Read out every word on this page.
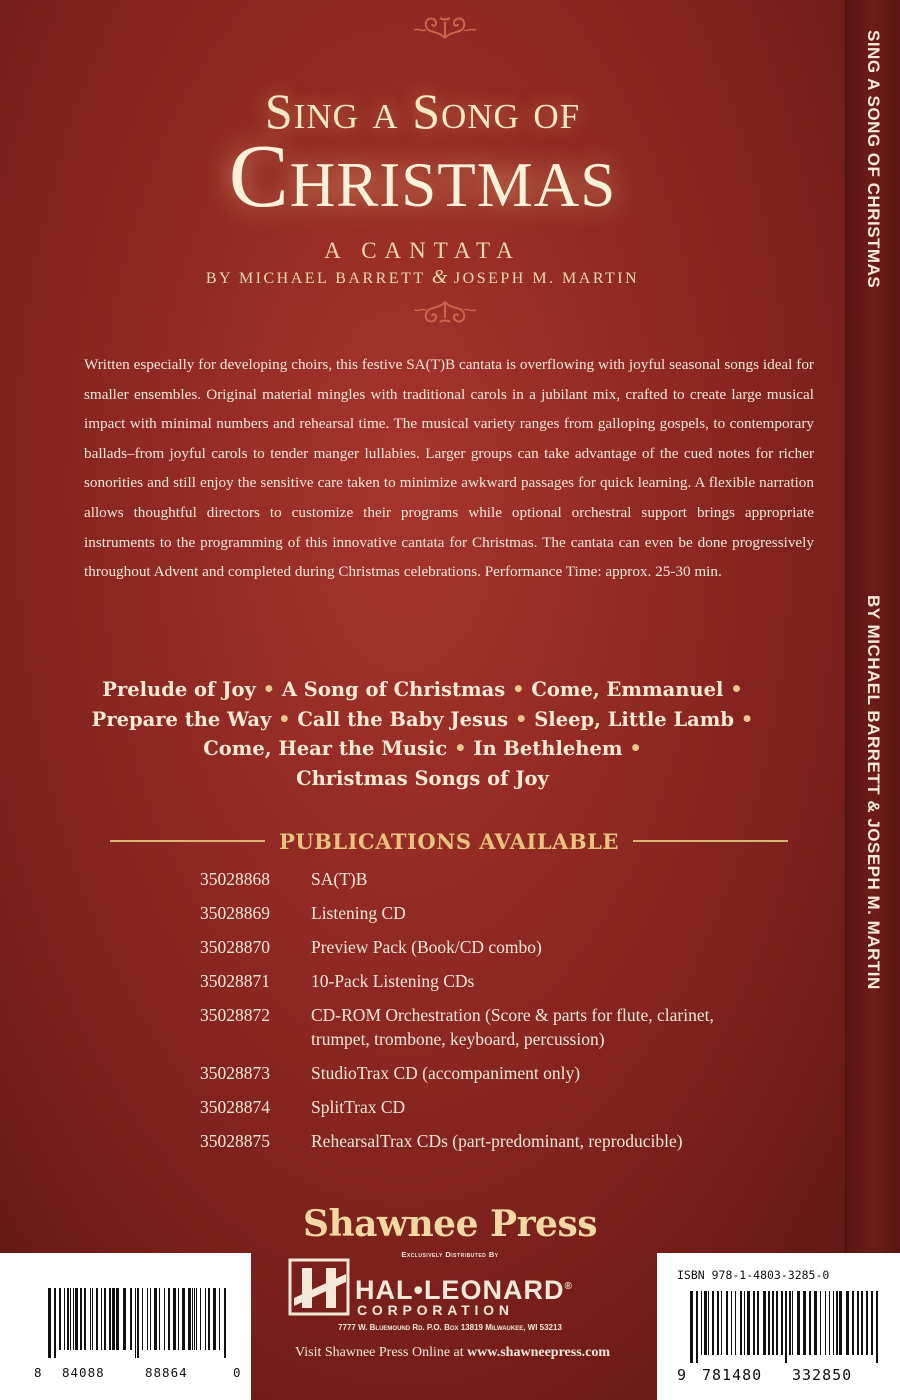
SING A SONG OF CHRISTMAS
BY MICHAEL BARRETT & JOSEPH M. MARTIN
Sing a Song of
Christmas
A CANTATA
BY MICHAEL BARRETT & JOSEPH M. MARTIN
Written especially for developing choirs, this festive SA(T)B cantata is overflowing with joyful seasonal songs ideal for smaller ensembles. Original material mingles with traditional carols in a jubilant mix, crafted to create large musical impact with minimal numbers and rehearsal time. The musical variety ranges from galloping gospels, to contemporary ballads–from joyful carols to tender manger lullabies. Larger groups can take advantage of the cued notes for richer sonorities and still enjoy the sensitive care taken to minimize awkward passages for quick learning. A flexible narration allows thoughtful directors to customize their programs while optional orchestral support brings appropriate instruments to the programming of this innovative cantata for Christmas. The cantata can even be done progressively throughout Advent and completed during Christmas celebrations. Performance Time: approx. 25-30 min.
Prelude of Joy • A Song of Christmas • Come, Emmanuel •
Prepare the Way • Call the Baby Jesus • Sleep, Little Lamb •
Come, Hear the Music • In Bethlehem •
Christmas Songs of Joy
PUBLICATIONS AVAILABLE
35028868	SA(T)B
35028869	Listening CD
35028870	Preview Pack (Book/CD combo)
35028871	10-Pack Listening CDs
35028872	CD-ROM Orchestration (Score & parts for flute, clarinet, trumpet, trombone, keyboard, percussion)
35028873	StudioTrax CD (accompaniment only)
35028874	SplitTrax CD
35028875	RehearsalTrax CDs (part-predominant, reproducible)
Shawnee Press
Exclusively Distributed By
HAL•LEONARD®
CORPORATION
7777 W. Bluemound Rd. P.O. Box 13819 Milwaukee, WI 53213
Visit Shawnee Press Online at www.shawneepress.com
8 84088	88864	0
ISBN 978-1-4803-3285-0
9 781480 332850
